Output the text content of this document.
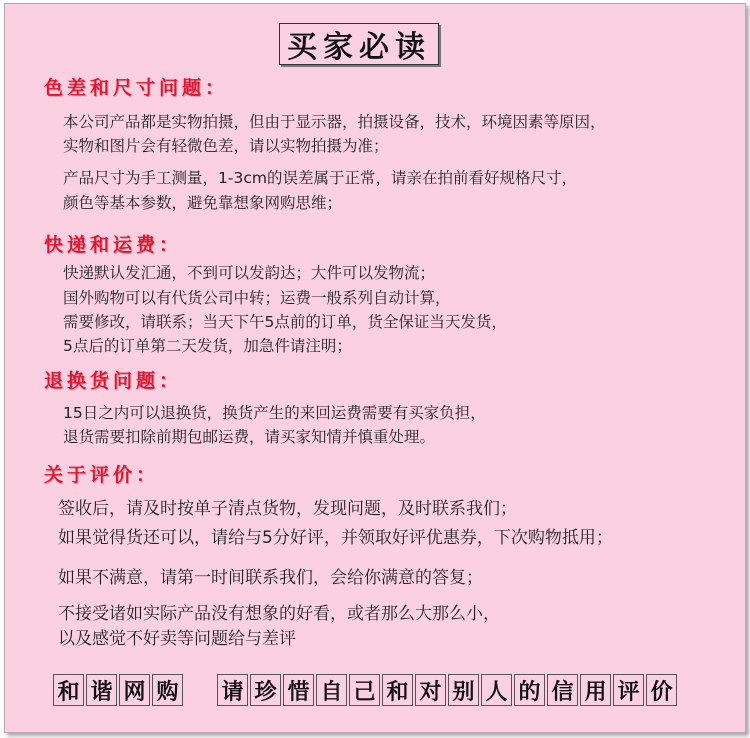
买家必读
色差和尺寸问题：
本公司产品都是实物拍摄，但由于显示器，拍摄设备，技术，环境因素等原因，
实物和图片会有轻微色差，请以实物拍摄为准；
产品尺寸为手工测量，1-3cm的误差属于正常，请亲在拍前看好规格尺寸，
颜色等基本参数，避免靠想象网购思维；
快递和运费：
快递默认发汇通，不到可以发韵达；大件可以发物流；
国外购物可以有代货公司中转；运费一般系列自动计算，
需要修改，请联系；当天下午5点前的订单，货全保证当天发货，
5点后的订单第二天发货，加急件请注明；
退换货问题：
15日之内可以退换货，换货产生的来回运费需要有买家负担，
退货需要扣除前期包邮运费，请买家知情并慎重处理。
关于评价：
签收后，请及时按单子清点货物，发现问题，及时联系我们；
如果觉得货还可以，请给与5分好评，并领取好评优惠券，下次购物抵用；
如果不满意，请第一时间联系我们，会给你满意的答复；
不接受诸如实际产品没有想象的好看，或者那么大那么小，
以及感觉不好卖等问题给与差评
和 谐 网 购 请 珍 惜 自 己 和 对 别 人 的 信 用 评 价
